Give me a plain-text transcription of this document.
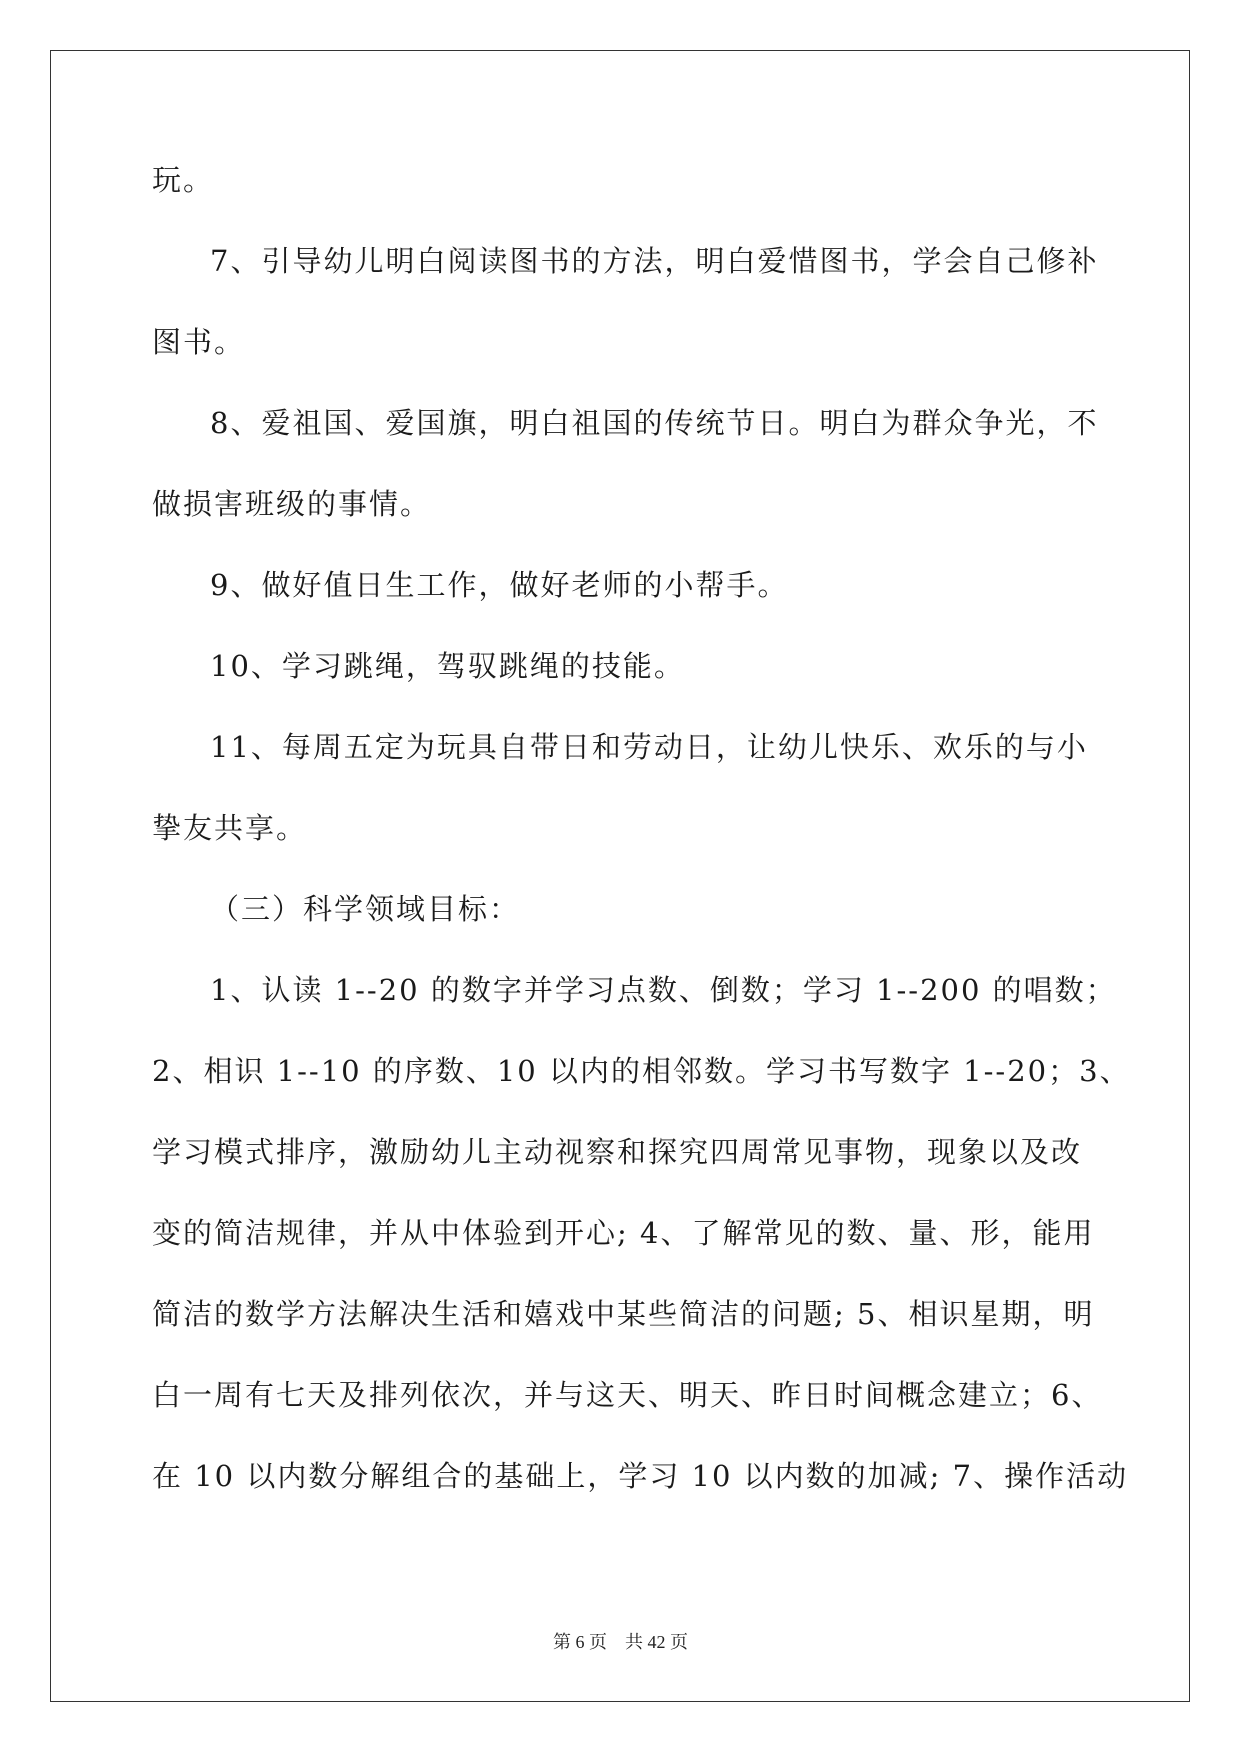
玩。
7、引导幼儿明白阅读图书的方法，明白爱惜图书，学会自己修补
图书。
8、爱祖国、爱国旗，明白祖国的传统节日。明白为群众争光，不
做损害班级的事情。
9、做好值日生工作，做好老师的小帮手。
10、学习跳绳，驾驭跳绳的技能。
11、每周五定为玩具自带日和劳动日，让幼儿快乐、欢乐的与小
挚友共享。
（三）科学领域目标：
1、认读 1--20 的数字并学习点数、倒数；学习 1--200 的唱数；
2、相识 1--10 的序数、10 以内的相邻数。学习书写数字 1--20；3、
学习模式排序，激励幼儿主动视察和探究四周常见事物，现象以及改
变的简洁规律，并从中体验到开心; 4、了解常见的数、量、形，能用
简洁的数学方法解决生活和嬉戏中某些简洁的问题; 5、相识星期，明
白一周有七天及排列依次，并与这天、明天、昨日时间概念建立；6、
在 10 以内数分解组合的基础上，学习 10 以内数的加减; 7、操作活动
第 6 页 共 42 页
